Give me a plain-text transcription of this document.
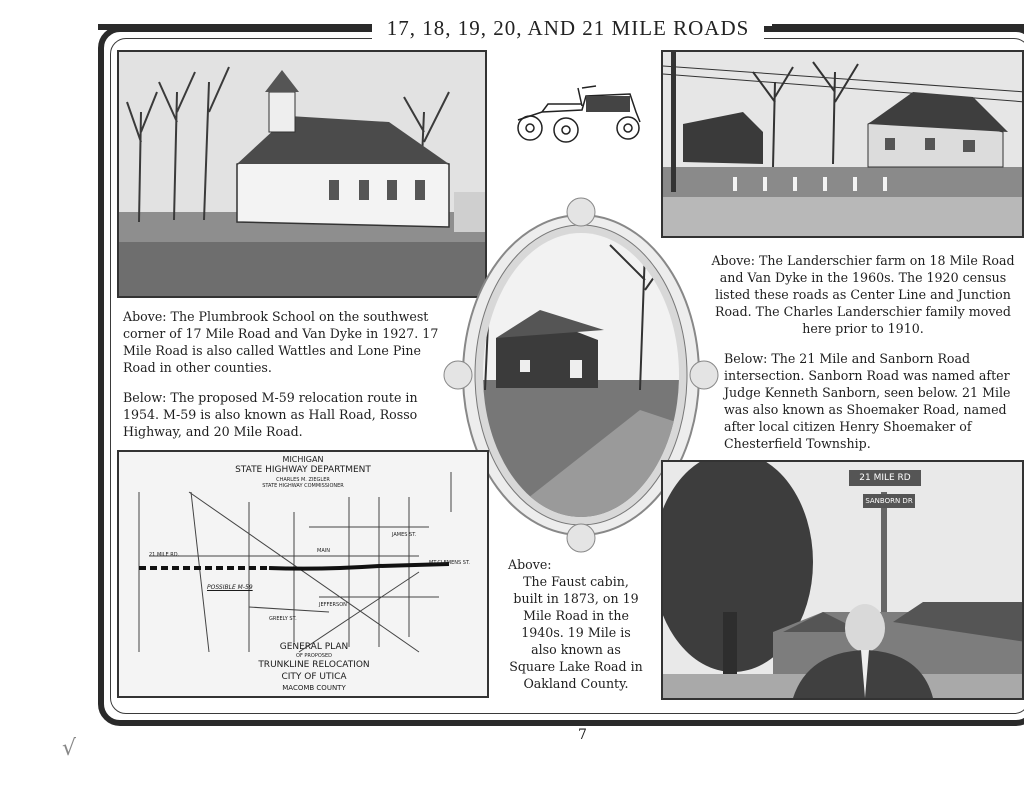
17, 18, 19, 20, AND 21 MILE ROADS

Above: The Plumbrook School on the southwest corner of 17 Mile Road and Van Dyke in 1927. 17 Mile Road is also called Wattles and Lone Pine Road in other counties.

Below: The proposed M-59 relocation route in 1954. M-59 is also known as Hall Road, Rosso Highway, and 20 Mile Road.

Above: The Landerschier farm on 18 Mile Road and Van Dyke in the 1960s. The 1920 census listed these roads as Center Line and Junction Road. The Charles Landerschier family moved here prior to 1910.

Below: The 21 Mile and Sanborn Road intersection. Sanborn Road was named after Judge Kenneth Sanborn, seen below. 21 Mile was also known as Shoemaker Road, named after local citizen Henry Shoemaker of Chesterfield Township.

Above:
The Faust cabin, built in 1873, on 19 Mile Road in the 1940s. 19 Mile is also known as Square Lake Road in Oakland County.
MICHIGAN
STATE HIGHWAY DEPARTMENT
CHARLES M. ZIEGLER
STATE HIGHWAY COMMISSIONER
21 MILE RD.
MAIN
JAMES ST.
MT.CLEMENS ST.
GREELY ST.
JEFFERSON
POSSIBLE M-59
GENERAL PLAN
OF PROPOSED
TRUNKLINE RELOCATION
CITY OF UTICA
MACOMB COUNTY
21 MILE RD
SANBORN DR
7
√
